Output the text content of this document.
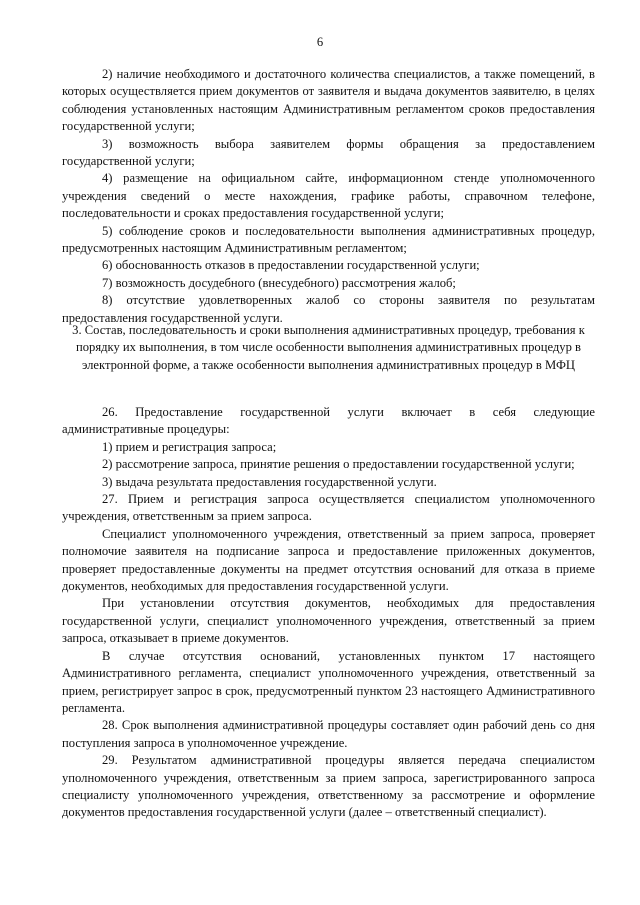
6

2) наличие необходимого и достаточного количества специалистов, а также помещений, в которых осуществляется прием документов от заявителя и выдача документов заявителю, в целях соблюдения установленных настоящим Административным регламентом сроков предоставления государственной услуги;

3) возможность выбора заявителем формы обращения за предоставлением государственной услуги;

4) размещение на официальном сайте, информационном стенде уполномоченного учреждения сведений о месте нахождения, графике работы, справочном телефоне, последовательности и сроках предоставления государственной услуги;

5) соблюдение сроков и последовательности выполнения административных процедур, предусмотренных настоящим Административным регламентом;

6) обоснованность отказов в предоставлении государственной услуги;

7) возможность досудебного (внесудебного) рассмотрения жалоб;

8) отсутствие удовлетворенных жалоб со стороны заявителя по результатам предоставления государственной услуги.

3. Состав, последовательность и сроки выполнения административных процедур, требования к порядку их выполнения, в том числе особенности выполнения административных процедур в электронной форме, а также особенности выполнения административных процедур в МФЦ

26. Предоставление государственной услуги включает в себя следующие административные процедуры:

1) прием и регистрация запроса;

2) рассмотрение запроса, принятие решения о предоставлении государственной услуги;

3) выдача результата предоставления государственной услуги.

27. Прием и регистрация запроса осуществляется специалистом уполномоченного учреждения, ответственным за прием запроса.

Специалист уполномоченного учреждения, ответственный за прием запроса, проверяет полномочие заявителя на подписание запроса и предоставление приложенных документов, проверяет предоставленные документы на предмет отсутствия оснований для отказа в приеме документов, необходимых для предоставления государственной услуги.

При установлении отсутствия документов, необходимых для предоставления государственной услуги, специалист уполномоченного учреждения, ответственный за прием запроса, отказывает в приеме документов.

В случае отсутствия оснований, установленных пунктом 17 настоящего Административного регламента, специалист уполномоченного учреждения, ответственный за прием, регистрирует запрос в срок, предусмотренный пунктом 23 настоящего Административного регламента.

28. Срок выполнения административной процедуры составляет один рабочий день со дня поступления запроса в уполномоченное учреждение.

29. Результатом административной процедуры является передача специалистом уполномоченного учреждения, ответственным за прием запроса, зарегистрированного запроса специалисту уполномоченного учреждения, ответственному за рассмотрение и оформление документов предоставления государственной услуги (далее – ответственный специалист).
